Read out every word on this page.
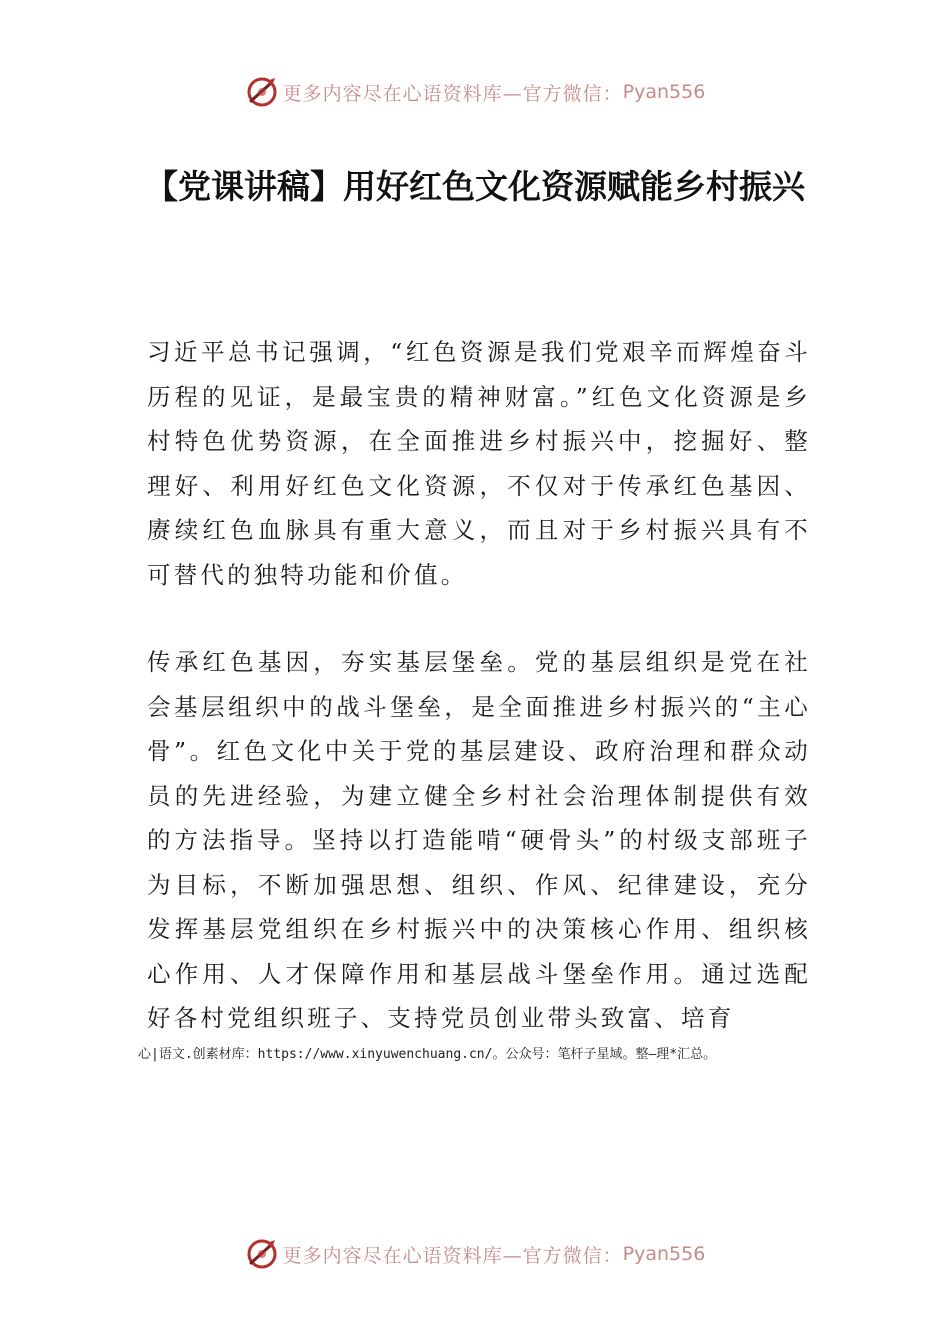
更多内容尽在心语资料库—官方微信： Pyan556
【党课讲稿】用好红色文化资源赋能乡村振兴

习近平总书记强调，“红色资源是我们党艰辛而辉煌奋斗历程的见证，是最宝贵的精神财富。”红色文化资源是乡村特色优势资源，在全面推进乡村振兴中，挖掘好、整理好、利用好红色文化资源，不仅对于传承红色基因、赓续红色血脉具有重大意义，而且对于乡村振兴具有不可替代的独特功能和价值。

传承红色基因，夯实基层堡垒。党的基层组织是党在社会基层组织中的战斗堡垒，是全面推进乡村振兴的“主心骨”。红色文化中关于党的基层建设、政府治理和群众动员的先进经验，为建立健全乡村社会治理体制提供有效的方法指导。坚持以打造能啃“硬骨头”的村级支部班子为目标，不断加强思想、组织、作风、纪律建设，充分发挥基层党组织在乡村振兴中的决策核心作用、组织核心作用、人才保障作用和基层战斗堡垒作用。通过选配好各村党组织班子、支持党员创业带头致富、培育

心|语文.创素材库：https://www.xinyuwenchuang.cn/。公众号：笔杆子星域。整—理*汇总。

更多内容尽在心语资料库—官方微信： Pyan556
